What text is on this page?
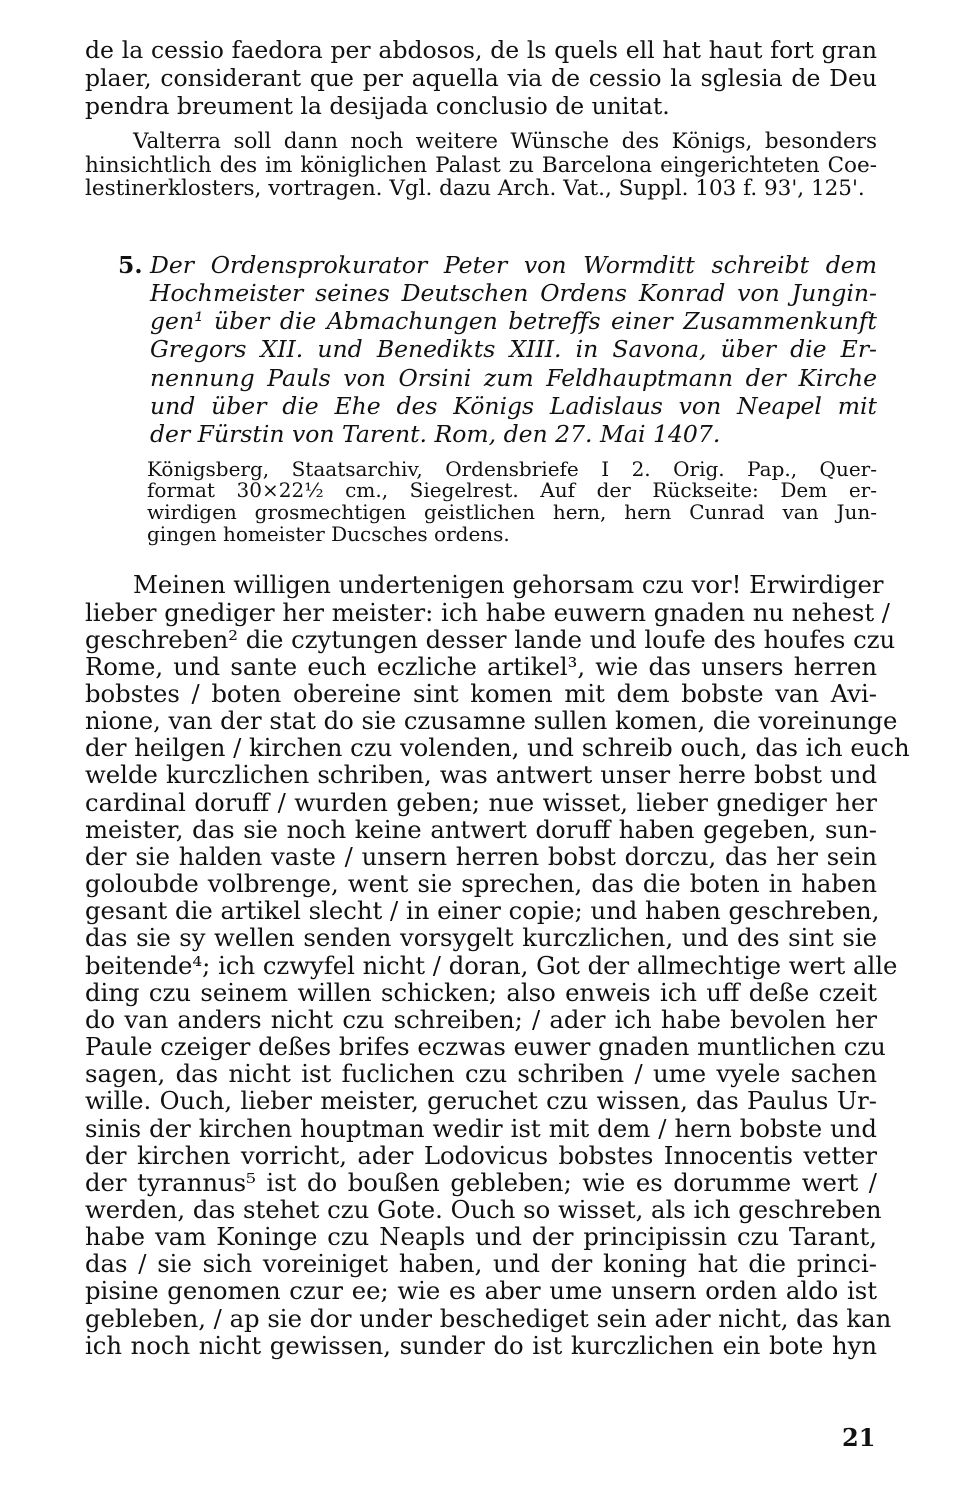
de la cessio faedora per abdosos, de ls quels ell hat haut fort gran
plaer, considerant que per aquella via de cessio la sglesia de Deu
pendra breument la desijada conclusio de unitat.
Valterra soll dann noch weitere Wünsche des Königs, besonders
hinsichtlich des im königlichen Palast zu Barcelona eingerichteten Coe-
lestinerklosters, vortragen. Vgl. dazu Arch. Vat., Suppl. 103 f. 93', 125'.
5. Der Ordensprokurator Peter von Wormditt schreibt dem
Hochmeister seines Deutschen Ordens Konrad von Jungin-
gen¹ über die Abmachungen betreffs einer Zusammenkunft
Gregors XII. und Benedikts XIII. in Savona, über die Er-
nennung Pauls von Orsini zum Feldhauptmann der Kirche
und über die Ehe des Königs Ladislaus von Neapel mit
der Fürstin von Tarent. Rom, den 27. Mai 1407.
Königsberg, Staatsarchiv, Ordensbriefe I 2. Orig. Pap., Quer-
format 30×22½ cm., Siegelrest. Auf der Rückseite: Dem er-
wirdigen grosmechtigen geistlichen hern, hern Cunrad van Jun-
gingen homeister Ducsches ordens.
Meinen willigen undertenigen gehorsam czu vor! Erwirdiger
lieber gnediger her meister: ich habe euwern gnaden nu nehest /
geschreben² die czytungen desser lande und loufe des houfes czu
Rome, und sante euch eczliche artikel³, wie das unsers herren
bobstes / boten obereine sint komen mit dem bobste van Avi-
nione, van der stat do sie czusamne sullen komen, die voreinunge
der heilgen / kirchen czu volenden, und schreib ouch, das ich euch
welde kurczlichen schriben, was antwert unser herre bobst und
cardinal doruff / wurden geben; nue wisset, lieber gnediger her
meister, das sie noch keine antwert doruff haben gegeben, sun-
der sie halden vaste / unsern herren bobst dorczu, das her sein
goloubde volbrenge, went sie sprechen, das die boten in haben
gesant die artikel slecht / in einer copie; und haben geschreben,
das sie sy wellen senden vorsygelt kurczlichen, und des sint sie
beitende⁴; ich czwyfel nicht / doran, Got der allmechtige wert alle
ding czu seinem willen schicken; also enweis ich uff deße czeit
do van anders nicht czu schreiben; / ader ich habe bevolen her
Paule czeiger deßes brifes eczwas euwer gnaden muntlichen czu
sagen, das nicht ist fuclichen czu schriben / ume vyele sachen
wille. Ouch, lieber meister, geruchet czu wissen, das Paulus Ur-
sinis der kirchen houptman wedir ist mit dem / hern bobste und
der kirchen vorricht, ader Lodovicus bobstes Innocentis vetter
der tyrannus⁵ ist do boußen gebleben; wie es dorumme wert /
werden, das stehet czu Gote. Ouch so wisset, als ich geschreben
habe vam Koninge czu Neapls und der principissin czu Tarant,
das / sie sich voreiniget haben, und der koning hat die princi-
pisine genomen czur ee; wie es aber ume unsern orden aldo ist
gebleben, / ap sie dor under beschediget sein ader nicht, das kan
ich noch nicht gewissen, sunder do ist kurczlichen ein bote hyn
21
